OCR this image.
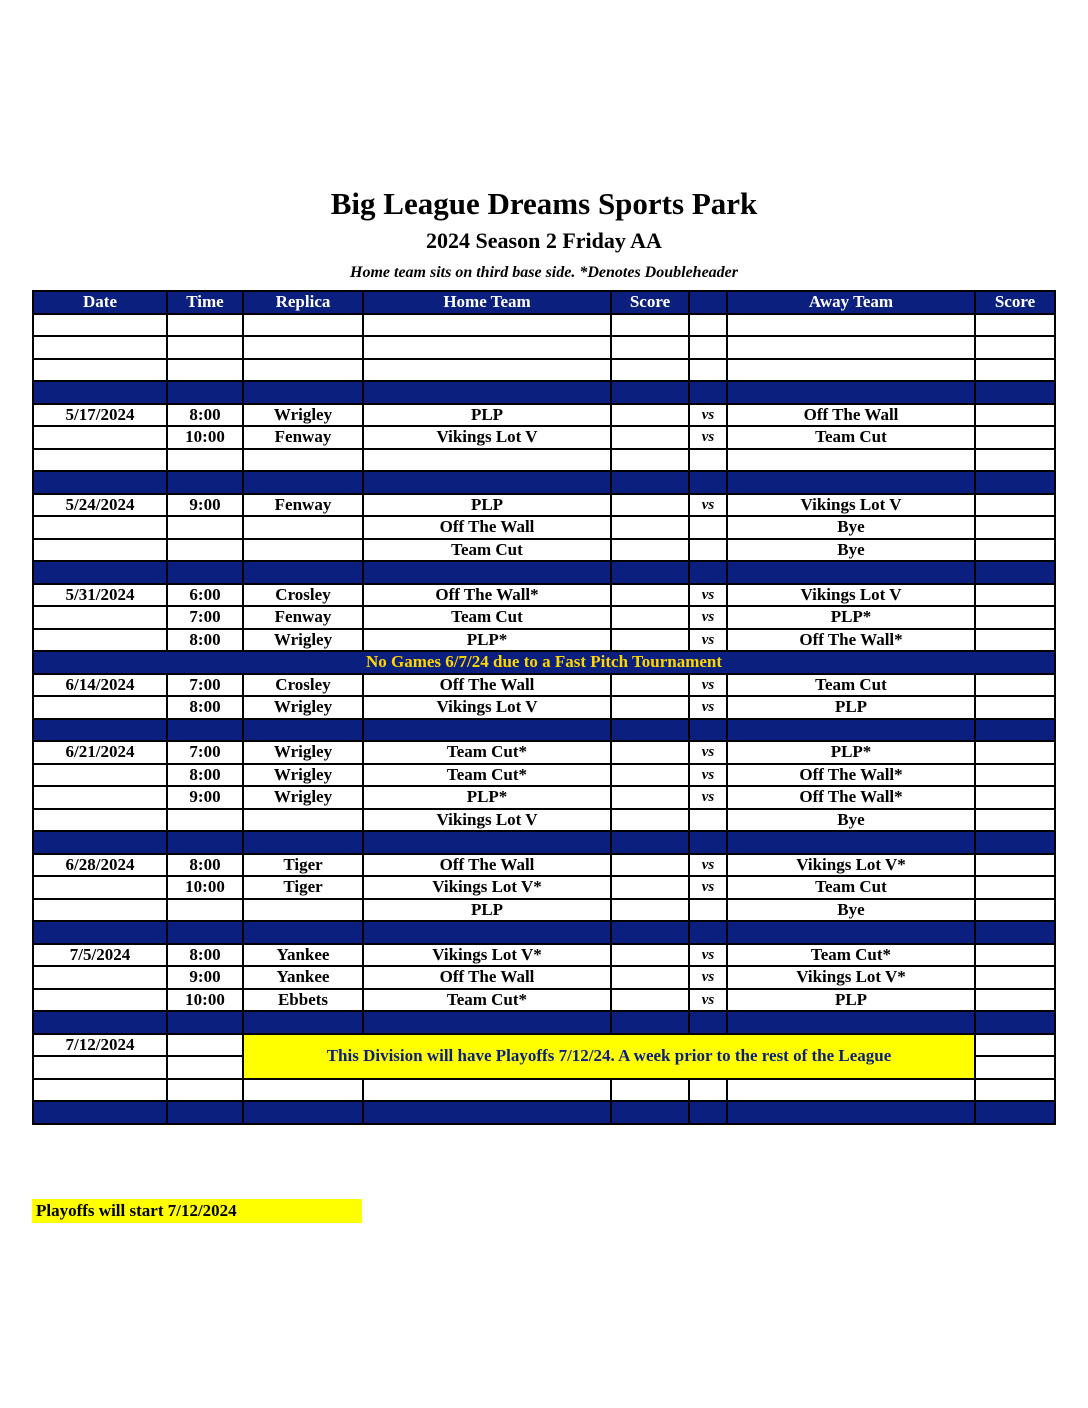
Big League Dreams Sports Park
2024 Season 2 Friday AA
Home team sits on third base side. *Denotes Doubleheader
Date	Time	Replica	Home Team	Score		Away Team	Score

5/17/2024	8:00	Wrigley	PLP		vs	Off The Wall	
	10:00	Fenway	Vikings Lot V		vs	Team Cut	

5/24/2024	9:00	Fenway	PLP		vs	Vikings Lot V	
			Off The Wall			Bye	
			Team Cut			Bye	

5/31/2024	6:00	Crosley	Off The Wall*		vs	Vikings Lot V	
	7:00	Fenway	Team Cut		vs	PLP*	
	8:00	Wrigley	PLP*		vs	Off The Wall*	
No Games 6/7/24 due to a Fast Pitch Tournament							
6/14/2024	7:00	Crosley	Off The Wall		vs	Team Cut	
	8:00	Wrigley	Vikings Lot V		vs	PLP	

6/21/2024	7:00	Wrigley	Team Cut*		vs	PLP*	
	8:00	Wrigley	Team Cut*		vs	Off The Wall*	
	9:00	Wrigley	PLP*		vs	Off The Wall*	
			Vikings Lot V			Bye	

6/28/2024	8:00	Tiger	Off The Wall		vs	Vikings Lot V*	
	10:00	Tiger	Vikings Lot V*		vs	Team Cut	
			PLP			Bye	

7/5/2024	8:00	Yankee	Vikings Lot V*		vs	Team Cut*	
	9:00	Yankee	Off The Wall		vs	Vikings Lot V*	
	10:00	Ebbets	Team Cut*		vs	PLP	

7/12/2024		This Division will have Playoffs 7/12/24. A week prior to the rest of the League					

Playoffs will start 7/12/2024
